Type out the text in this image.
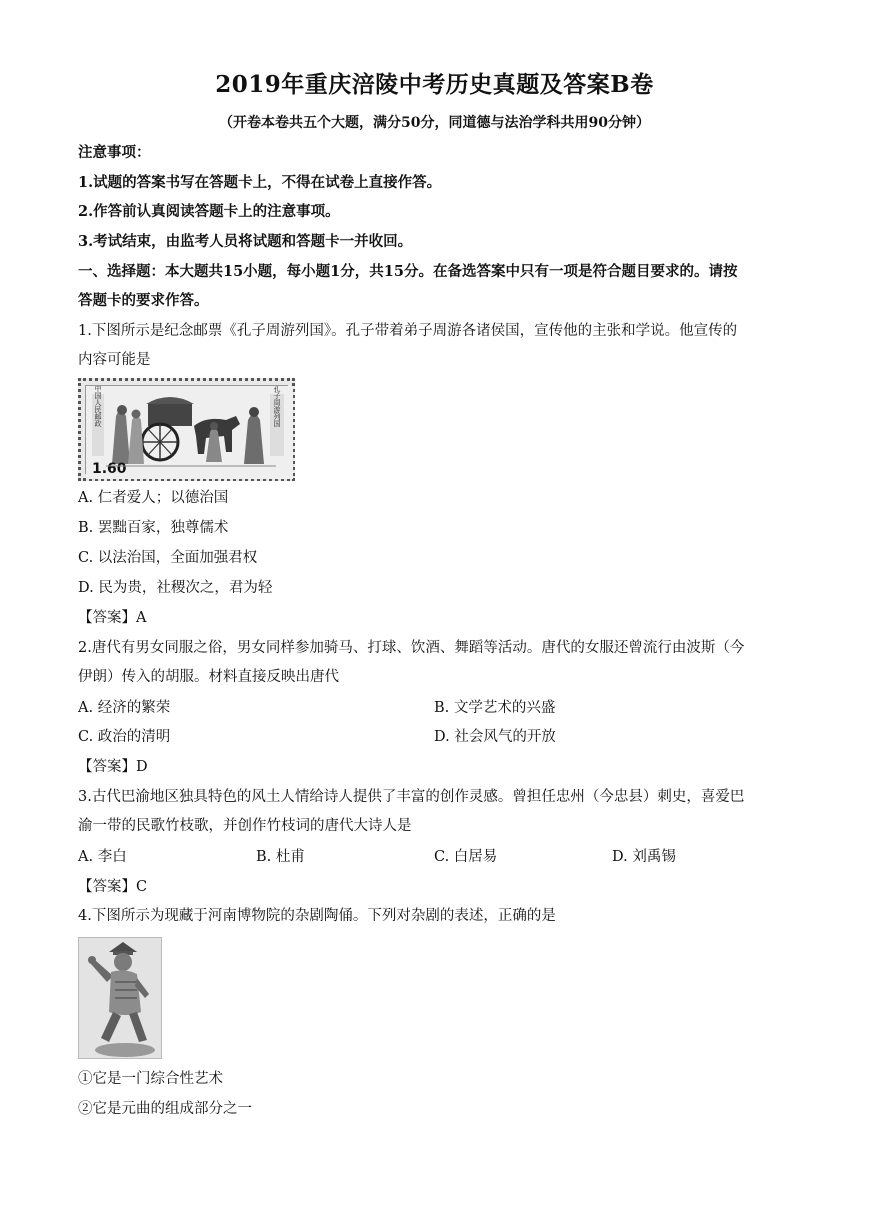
2019年重庆涪陵中考历史真题及答案B卷
（开卷本卷共五个大题，满分50分，同道德与法治学科共用90分钟）
注意事项：
1.试题的答案书写在答题卡上，不得在试卷上直接作答。
2.作答前认真阅读答题卡上的注意事项。
3.考试结束，由监考人员将试题和答题卡一并收回。
一、选择题：本大题共15小题，每小题1分，共15分。在备选答案中只有一项是符合题目要求的。请按
答题卡的要求作答。
1.下图所示是纪念邮票《孔子周游列国》。孔子带着弟子周游各诸侯国，宣传他的主张和学说。他宣传的
内容可能是
中国人民邮政	孔子周游列国
1.60
A. 仁者爱人；以德治国
B. 罢黜百家，独尊儒术
C. 以法治国，全面加强君权
D. 民为贵，社稷次之，君为轻
【答案】A
2.唐代有男女同服之俗，男女同样参加骑马、打球、饮酒、舞蹈等活动。唐代的女服还曾流行由波斯（今
伊朗）传入的胡服。材料直接反映出唐代
A. 经济的繁荣	B. 文学艺术的兴盛
C. 政治的清明	D. 社会风气的开放
【答案】D
3.古代巴渝地区独具特色的风土人情给诗人提供了丰富的创作灵感。曾担任忠州（今忠县）刺史，喜爱巴
渝一带的民歌竹枝歌，并创作竹枝词的唐代大诗人是
A. 李白	B. 杜甫	C. 白居易	D. 刘禹锡
【答案】C
4.下图所示为现藏于河南博物院的杂剧陶俑。下列对杂剧的表述，正确的是
①它是一门综合性艺术
②它是元曲的组成部分之一
